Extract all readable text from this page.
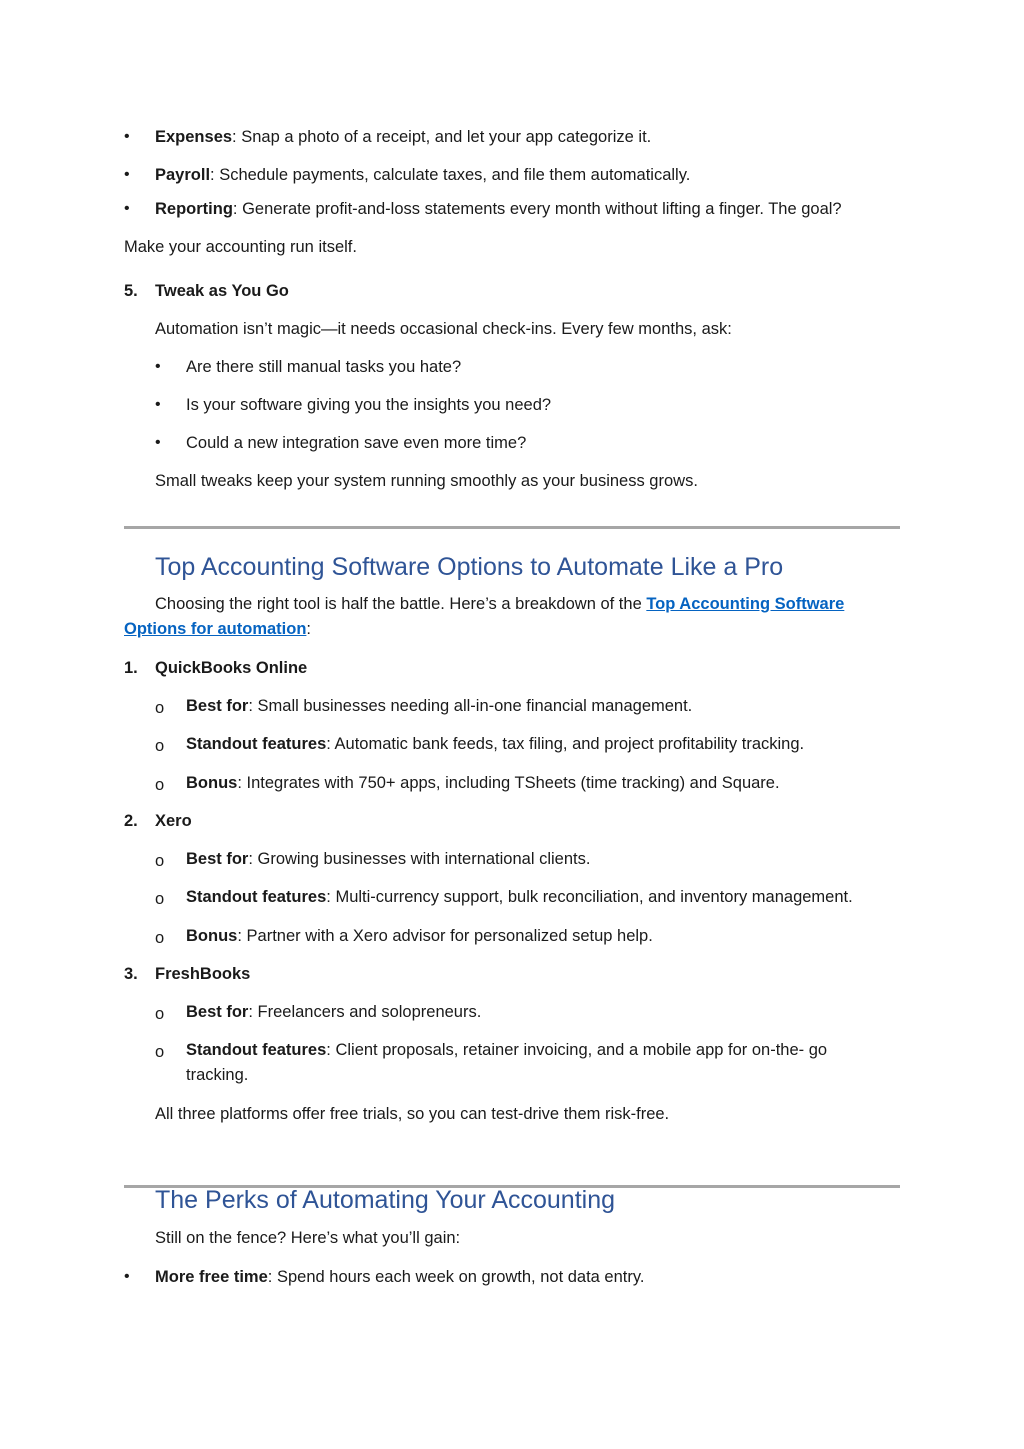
• Expenses: Snap a photo of a receipt, and let your app categorize it.
• Payroll: Schedule payments, calculate taxes, and file them automatically.
• Reporting: Generate profit-and-loss statements every month without lifting a finger. The goal?
Make your accounting run itself.
5. Tweak as You Go
Automation isn’t magic—it needs occasional check-ins. Every few months, ask:
• Are there still manual tasks you hate?
• Is your software giving you the insights you need?
• Could a new integration save even more time?
Small tweaks keep your system running smoothly as your business grows.
Top Accounting Software Options to Automate Like a Pro
Choosing the right tool is half the battle. Here’s a breakdown of the Top Accounting Software
Options for automation:
1. QuickBooks Online
o Best for: Small businesses needing all-in-one financial management.
o Standout features: Automatic bank feeds, tax filing, and project profitability tracking.
o Bonus: Integrates with 750+ apps, including TSheets (time tracking) and Square.
2. Xero
o Best for: Growing businesses with international clients.
o Standout features: Multi-currency support, bulk reconciliation, and inventory management.
o Bonus: Partner with a Xero advisor for personalized setup help.
3. FreshBooks
o Best for: Freelancers and solopreneurs.
o Standout features: Client proposals, retainer invoicing, and a mobile app for on-the- go
tracking.
All three platforms offer free trials, so you can test-drive them risk-free.
The Perks of Automating Your Accounting
Still on the fence? Here’s what you’ll gain:
• More free time: Spend hours each week on growth, not data entry.
